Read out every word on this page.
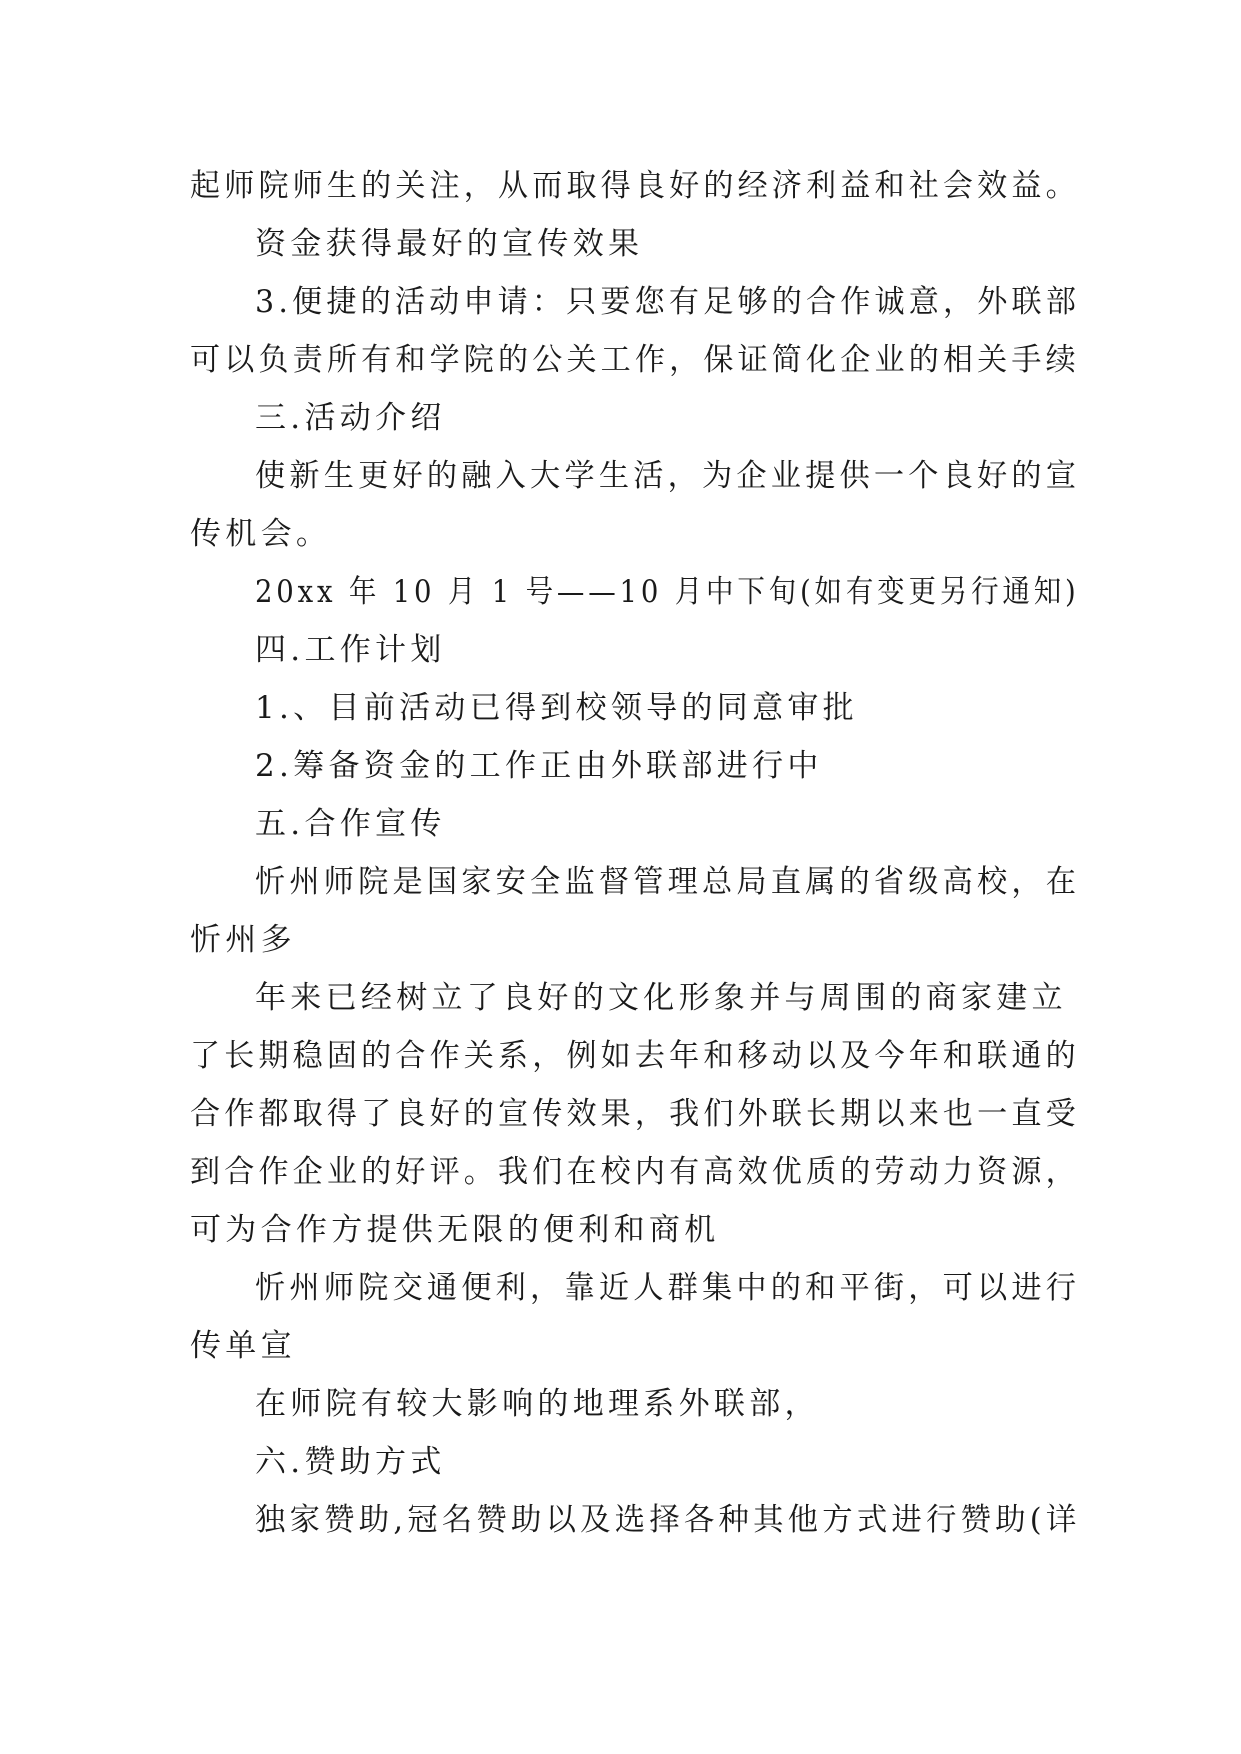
起师院师生的关注，从而取得良好的经济利益和社会效益。
资金获得最好的宣传效果
3.便捷的活动申请：只要您有足够的合作诚意，外联部
可以负责所有和学院的公关工作，保证简化企业的相关手续
三.活动介绍
使新生更好的融入大学生活，为企业提供一个良好的宣
传机会。
20xx 年 10 月 1 号——10 月中下旬(如有变更另行通知)
四.工作计划
1.、目前活动已得到校领导的同意审批
2.筹备资金的工作正由外联部进行中
五.合作宣传
忻州师院是国家安全监督管理总局直属的省级高校，在
忻州多
年来已经树立了良好的文化形象并与周围的商家建立
了长期稳固的合作关系，例如去年和移动以及今年和联通的
合作都取得了良好的宣传效果，我们外联长期以来也一直受
到合作企业的好评。我们在校内有高效优质的劳动力资源，
可为合作方提供无限的便利和商机
忻州师院交通便利，靠近人群集中的和平街，可以进行
传单宣
在师院有较大影响的地理系外联部，
六.赞助方式
独家赞助,冠名赞助以及选择各种其他方式进行赞助(详
